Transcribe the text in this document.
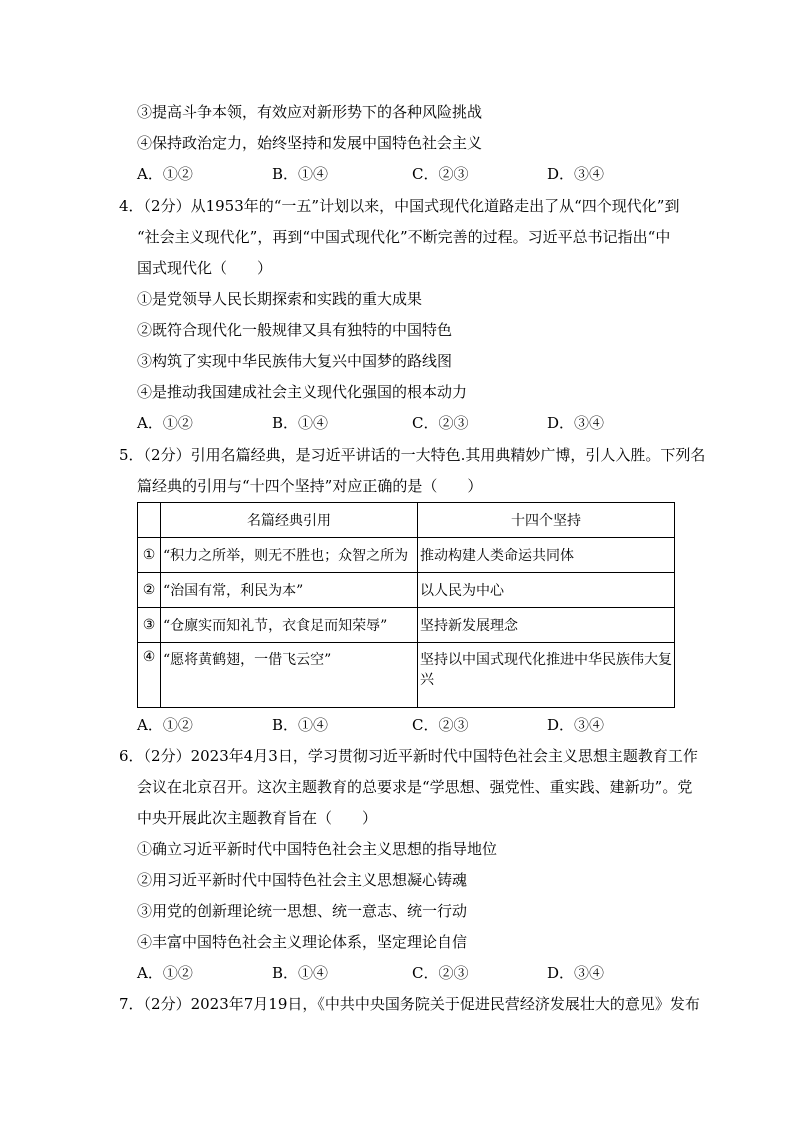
③提高斗争本领，有效应对新形势下的各种风险挑战
④保持政治定力，始终坚持和发展中国特色社会主义
A．①②	B．①④	C．②③	D．③④
4．（2分）从1953年的“一五”计划以来，中国式现代化道路走出了从“四个现代化”到
“社会主义现代化”，再到“中国式现代化”不断完善的过程。习近平总书记指出“中
国式现代化（　　）
①是党领导人民长期探索和实践的重大成果
②既符合现代化一般规律又具有独特的中国特色
③构筑了实现中华民族伟大复兴中国梦的路线图
④是推动我国建成社会主义现代化强国的根本动力
A．①②	B．①④	C．②③	D．③④
5．（2分）引用名篇经典，是习近平讲话的一大特色.其用典精妙广博，引人入胜。下列名
篇经典的引用与“十四个坚持”对应正确的是（　　）
	名篇经典引用	十四个坚持
①	“积力之所举，则无不胜也；众智之所为	推动构建人类命运共同体
②	“治国有常，利民为本”	以人民为中心
③	“仓廪实而知礼节，衣食足而知荣辱”	坚持新发展理念
④	“愿将黄鹤翅，一借飞云空”	坚持以中国式现代化推进中华民族伟大复兴
A．①②	B．①④	C．②③	D．③④
6．（2分）2023年4月3日，学习贯彻习近平新时代中国特色社会主义思想主题教育工作
会议在北京召开。这次主题教育的总要求是“学思想、强党性、重实践、建新功”。党
中央开展此次主题教育旨在（　　）
①确立习近平新时代中国特色社会主义思想的指导地位
②用习近平新时代中国特色社会主义思想凝心铸魂
③用党的创新理论统一思想、统一意志、统一行动
④丰富中国特色社会主义理论体系，坚定理论自信
A．①②	B．①④	C．②③	D．③④
7．（2分）2023年7月19日，《中共中央国务院关于促进民营经济发展壮大的意见》发布
